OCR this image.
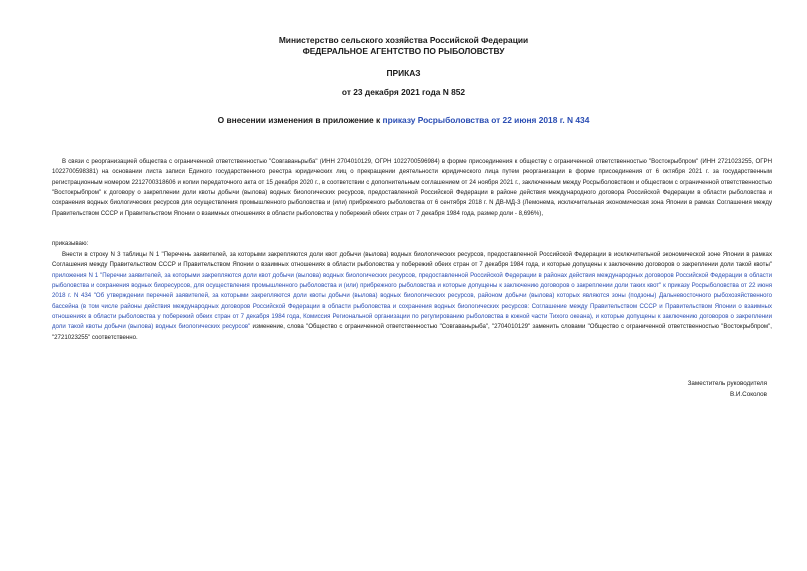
Министерство сельского хозяйства Российской Федерации
ФЕДЕРАЛЬНОЕ АГЕНТСТВО ПО РЫБОЛОВСТВУ
ПРИКАЗ
от 23 декабря 2021 года N 852
О внесении изменения в приложение к приказу Росрыболовства от 22 июня 2018 г. N 434
В связи с реорганизацией общества с ограниченной ответственностью "Совгаваньрыба" (ИНН 2704010129, ОГРН 1022700596984) в форме присоединения к обществу с ограниченной ответственностью "Востокрыбпром" (ИНН 2721023255, ОГРН 1022700598381) на основании листа записи Единого государственного реестра юридических лиц о прекращении деятельности юридического лица путем реорганизации в форме присоединения от 6 октября 2021 г. за государственным регистрационным номером 2212700318606 и копии передаточного акта от 15 декабря 2020 г., в соответствии с дополнительным соглашением от 24 ноября 2021 г., заключенным между Росрыболовством и обществом с ограниченной ответственностью "Востокрыбпром" к договору о закреплении доли квоты добычи (вылова) водных биологических ресурсов, предоставленной Российской Федерации в районе действия международного договора Российской Федерации в области рыболовства и сохранения водных биологических ресурсов для осуществления промышленного рыболовства и (или) прибрежного рыболовства от 6 сентября 2018 г. N ДВ-МД-3 (Лемонема, исключительная экономическая зона Японии в рамках Соглашения между Правительством СССР и Правительством Японии о взаимных отношениях в области рыболовства у побережий обеих стран от 7 декабря 1984 года, размер доли - 8,696%),
приказываю:
Внести в строку N 3 таблицы N 1 "Перечень заявителей, за которыми закрепляются доли квот добычи (вылова) водных биологических ресурсов, предоставленной Российской Федерации в исключительной экономической зоне Японии в рамках Соглашения между Правительством СССР и Правительством Японии о взаимных отношениях в области рыболовства у побережий обеих стран от 7 декабря 1984 года, и которые допущены к заключению договоров о закреплении доли такой квоты" приложения N 1 "Перечни заявителей, за которыми закрепляются доли квот добычи (вылова) водных биологических ресурсов, предоставленной Российской Федерации в районах действия международных договоров Российской Федерации в области рыболовства и сохранения водных биоресурсов, для осуществления промышленного рыболовства и (или) прибрежного рыболовства и которые допущены к заключению договоров о закреплении доли таких квот" к приказу Росрыболовства от 22 июня 2018 г. N 434 "Об утверждении перечней заявителей, за которыми закрепляются доли квоты добычи (вылова) водных биологических ресурсов, районом добычи (вылова) которых являются зоны (подзоны) Дальневосточного рыбохозяйственного бассейна (в том числе районы действия международных договоров Российской Федерации в области рыболовства и сохранения водных биологических ресурсов: Соглашение между Правительством СССР и Правительством Японии о взаимных отношениях в области рыболовства у побережий обеих стран от 7 декабря 1984 года, Комиссия Региональной организации по регулированию рыболовства в южной части Тихого океана), и которые допущены к заключению договоров о закреплении доли такой квоты добычи (вылова) водных биологических ресурсов" изменение, слова "Общество с ограниченной ответственностью "Совгаваньрыба", "2704010129" заменить словами "Общество с ограниченной ответственностью "Востокрыбпром", "2721023255" соответственно.
Заместитель руководителя
В.И.Соколов
